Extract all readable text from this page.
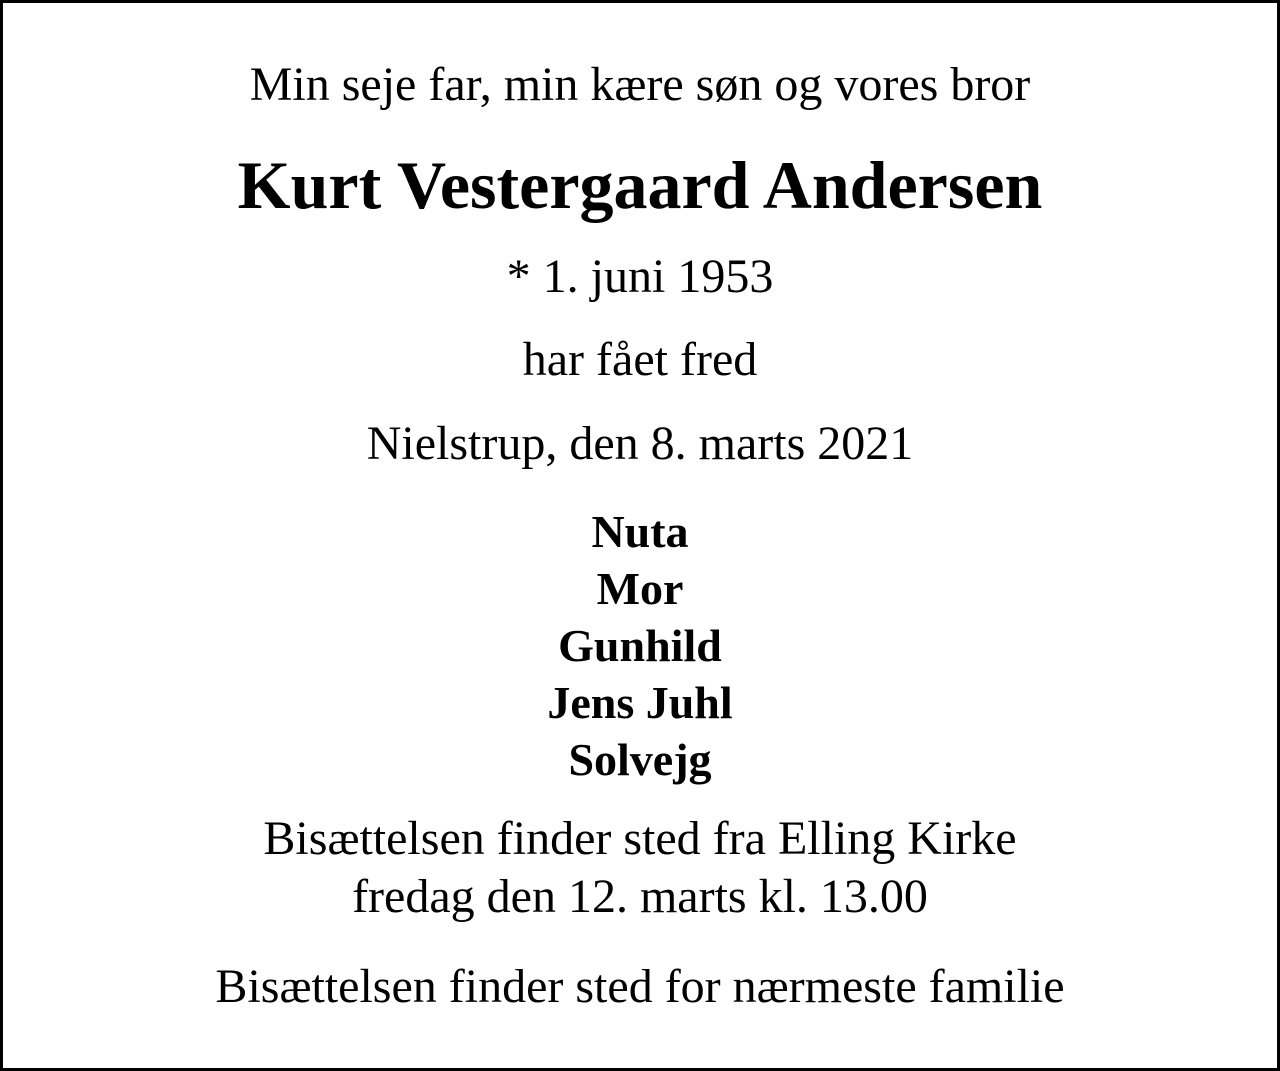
Min seje far, min kære søn og vores bror
Kurt Vestergaard Andersen
* 1. juni 1953
har fået fred
Nielstrup, den 8. marts 2021
Nuta
Mor
Gunhild
Jens Juhl
Solvejg
Bisættelsen finder sted fra Elling Kirke
fredag den 12. marts kl. 13.00
Bisættelsen finder sted for nærmeste familie
